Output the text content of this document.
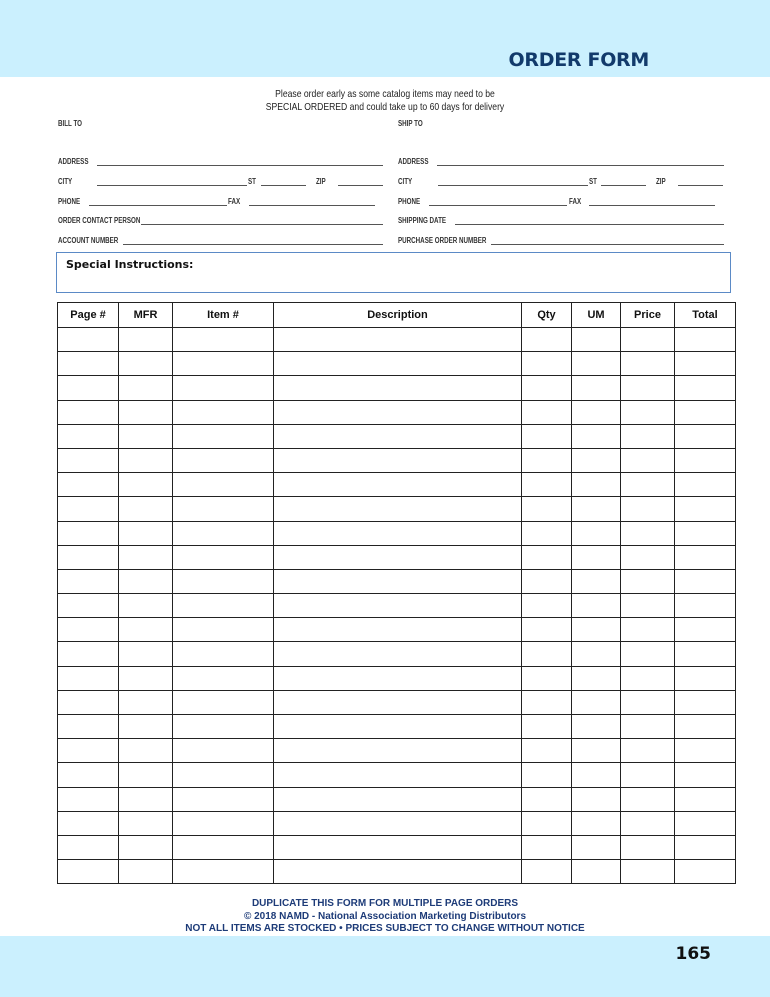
ORDER FORM
Please order early as some catalog items may need to be
SPECIAL ORDERED and could take up to 60 days for delivery
BILL TO
ADDRESS
CITY	ST	ZIP
PHONE	FAX
ORDER CONTACT PERSON
ACCOUNT NUMBER
SHIP TO
ADDRESS
CITY	ST	ZIP
PHONE	FAX
SHIPPING DATE
PURCHASE ORDER NUMBER
Special Instructions:
Page #	MFR	Item #	Description	Qty	UM	Price	Total

DUPLICATE THIS FORM FOR MULTIPLE PAGE ORDERS
© 2018 NAMD - National Association Marketing Distributors
NOT ALL ITEMS ARE STOCKED • PRICES SUBJECT TO CHANGE WITHOUT NOTICE
165
